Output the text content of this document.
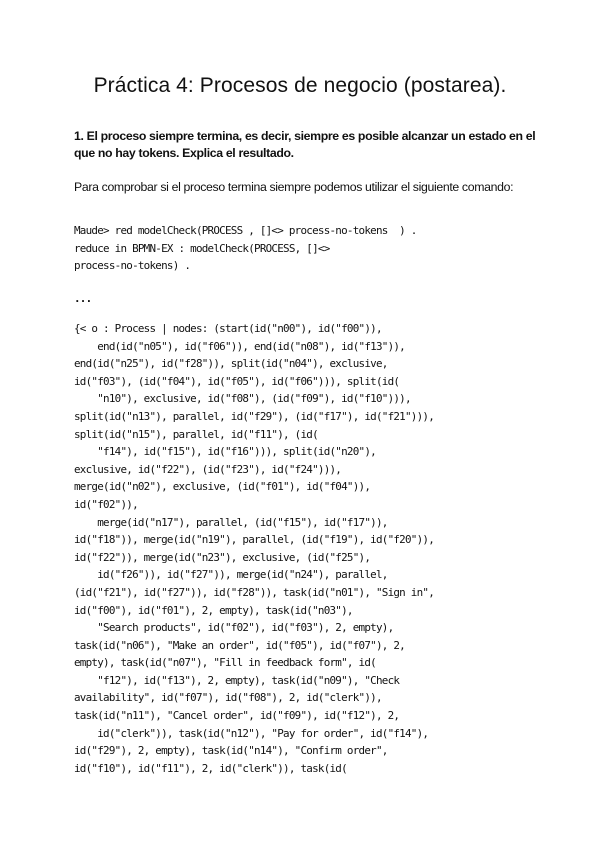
Práctica 4: Procesos de negocio (postarea).

1. El proceso siempre termina, es decir, siempre es posible alcanzar un estado en el que no hay tokens. Explica el resultado.

Para comprobar si el proceso termina siempre podemos utilizar el siguiente comando:

Maude> red modelCheck(PROCESS , []<> process-no-tokens  ) .
reduce in BPMN-EX : modelCheck(PROCESS, []<>
process-no-tokens) .

...
{< o : Process | nodes: (start(id("n00"), id("f00")),
end(id("n05"), id("f06")), end(id("n08"), id("f13")),
end(id("n25"), id("f28")), split(id("n04"), exclusive,
id("f03"), (id("f04"), id("f05"), id("f06"))), split(id(
"n10"), exclusive, id("f08"), (id("f09"), id("f10"))),
split(id("n13"), parallel, id("f29"), (id("f17"), id("f21"))),
split(id("n15"), parallel, id("f11"), (id(
"f14"), id("f15"), id("f16"))), split(id("n20"),
exclusive, id("f22"), (id("f23"), id("f24"))),
merge(id("n02"), exclusive, (id("f01"), id("f04")),
id("f02")),
merge(id("n17"), parallel, (id("f15"), id("f17")),
id("f18")), merge(id("n19"), parallel, (id("f19"), id("f20")),
id("f22")), merge(id("n23"), exclusive, (id("f25"),
id("f26")), id("f27")), merge(id("n24"), parallel,
(id("f21"), id("f27")), id("f28")), task(id("n01"), "Sign in",
id("f00"), id("f01"), 2, empty), task(id("n03"),
"Search products", id("f02"), id("f03"), 2, empty),
task(id("n06"), "Make an order", id("f05"), id("f07"), 2,
empty), task(id("n07"), "Fill in feedback form", id(
"f12"), id("f13"), 2, empty), task(id("n09"), "Check
availability", id("f07"), id("f08"), 2, id("clerk")),
task(id("n11"), "Cancel order", id("f09"), id("f12"), 2,
id("clerk")), task(id("n12"), "Pay for order", id("f14"),
id("f29"), 2, empty), task(id("n14"), "Confirm order",
id("f10"), id("f11"), 2, id("clerk")), task(id(
